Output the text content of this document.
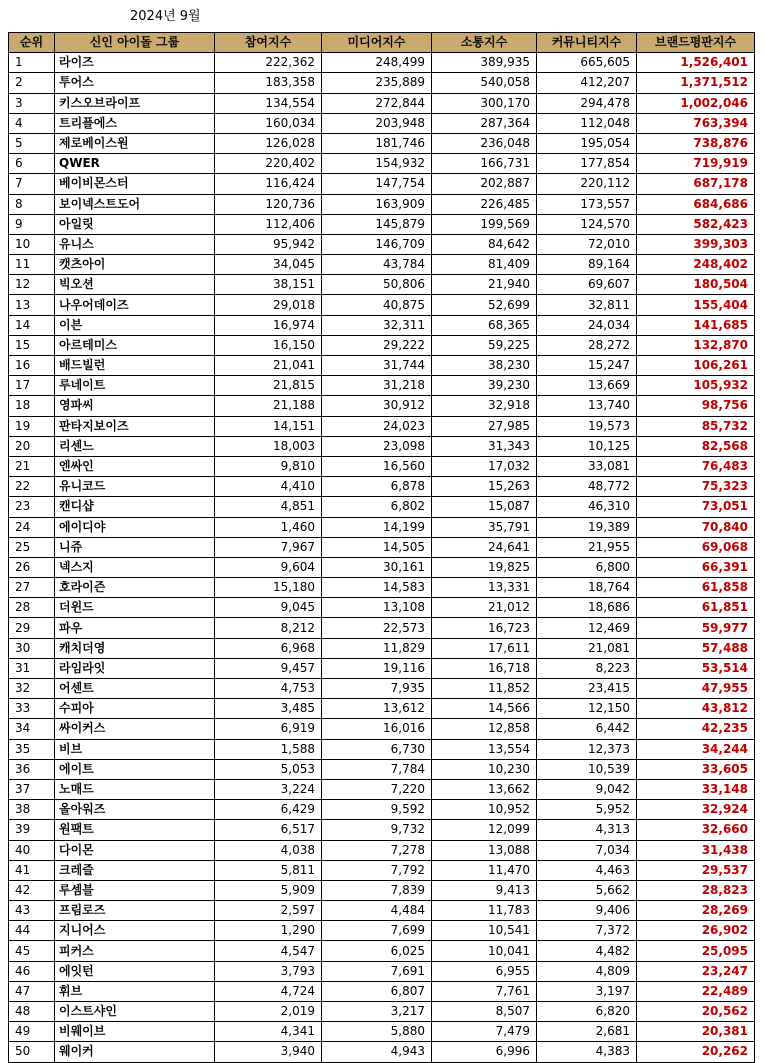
2024년 9월
순위	신인 아이돌 그룹	참여지수	미디어지수	소통지수	커뮤니티지수	브랜드평판지수
1	라이즈	222,362	248,499	389,935	665,605	1,526,401
2	투어스	183,358	235,889	540,058	412,207	1,371,512
3	키스오브라이프	134,554	272,844	300,170	294,478	1,002,046
4	트리플에스	160,034	203,948	287,364	112,048	763,394
5	제로베이스원	126,028	181,746	236,048	195,054	738,876
6	QWER	220,402	154,932	166,731	177,854	719,919
7	베이비몬스터	116,424	147,754	202,887	220,112	687,178
8	보이넥스트도어	120,736	163,909	226,485	173,557	684,686
9	아일릿	112,406	145,879	199,569	124,570	582,423
10	유니스	95,942	146,709	84,642	72,010	399,303
11	캣츠아이	34,045	43,784	81,409	89,164	248,402
12	빅오션	38,151	50,806	21,940	69,607	180,504
13	나우어데이즈	29,018	40,875	52,699	32,811	155,404
14	이븐	16,974	32,311	68,365	24,034	141,685
15	아르테미스	16,150	29,222	59,225	28,272	132,870
16	배드빌런	21,041	31,744	38,230	15,247	106,261
17	루네이트	21,815	31,218	39,230	13,669	105,932
18	영파씨	21,188	30,912	32,918	13,740	98,756
19	판타지보이즈	14,151	24,023	27,985	19,573	85,732
20	리센느	18,003	23,098	31,343	10,125	82,568
21	엔싸인	9,810	16,560	17,032	33,081	76,483
22	유니코드	4,410	6,878	15,263	48,772	75,323
23	캔디샵	4,851	6,802	15,087	46,310	73,051
24	에이디야	1,460	14,199	35,791	19,389	70,840
25	니쥬	7,967	14,505	24,641	21,955	69,068
26	넥스지	9,604	30,161	19,825	6,800	66,391
27	호라이즌	15,180	14,583	13,331	18,764	61,858
28	더윈드	9,045	13,108	21,012	18,686	61,851
29	파우	8,212	22,573	16,723	12,469	59,977
30	캐치더영	6,968	11,829	17,611	21,081	57,488
31	라임라잇	9,457	19,116	16,718	8,223	53,514
32	어센트	4,753	7,935	11,852	23,415	47,955
33	수피아	3,485	13,612	14,566	12,150	43,812
34	싸이커스	6,919	16,016	12,858	6,442	42,235
35	비브	1,588	6,730	13,554	12,373	34,244
36	에이트	5,053	7,784	10,230	10,539	33,605
37	노매드	3,224	7,220	13,662	9,042	33,148
38	올아워즈	6,429	9,592	10,952	5,952	32,924
39	원팩트	6,517	9,732	12,099	4,313	32,660
40	다이몬	4,038	7,278	13,088	7,034	31,438
41	크레즐	5,811	7,792	11,470	4,463	29,537
42	루셈블	5,909	7,839	9,413	5,662	28,823
43	프림로즈	2,597	4,484	11,783	9,406	28,269
44	지니어스	1,290	7,699	10,541	7,372	26,902
45	피커스	4,547	6,025	10,041	4,482	25,095
46	에잇턴	3,793	7,691	6,955	4,809	23,247
47	휘브	4,724	6,807	7,761	3,197	22,489
48	이스트샤인	2,019	3,217	8,507	6,820	20,562
49	비웨이브	4,341	5,880	7,479	2,681	20,381
50	웨이커	3,940	4,943	6,996	4,383	20,262
